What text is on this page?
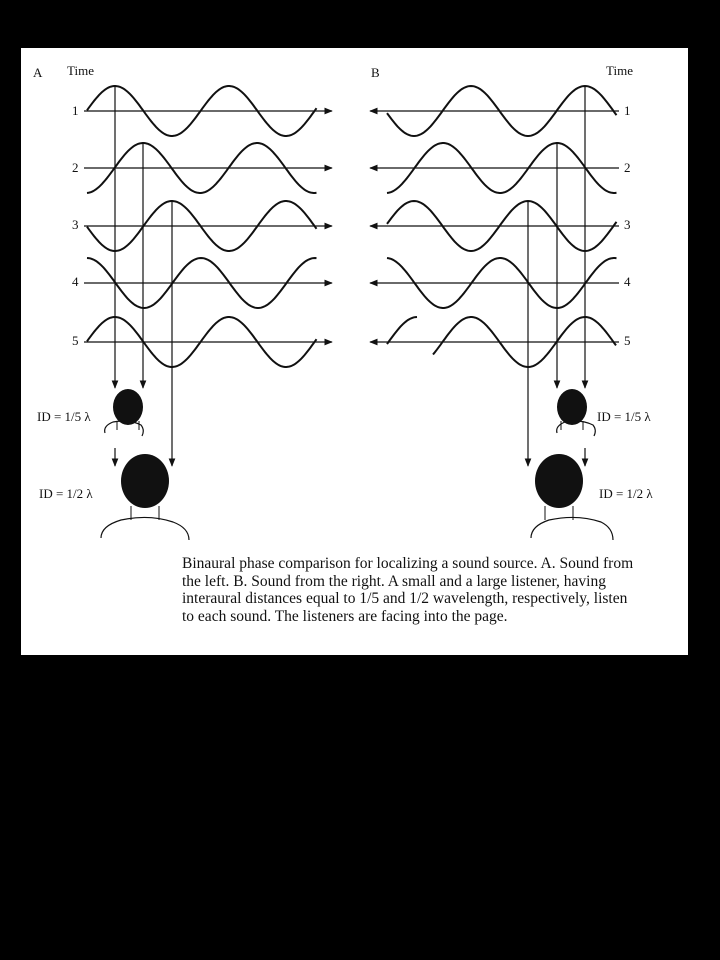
A Time
1
2
3
4
5
B	Time
1
2
3
4
5
ID = 1/5 λ
ID = 1/2 λ
ID = 1/5 λ
ID = 1/2 λ
Binaural phase comparison for localizing a sound source. A. Sound from
the left. B. Sound from the right. A small and a large listener, having
interaural distances equal to 1/5 and 1/2 wavelength, respectively, listen
to each sound. The listeners are facing into the page.
